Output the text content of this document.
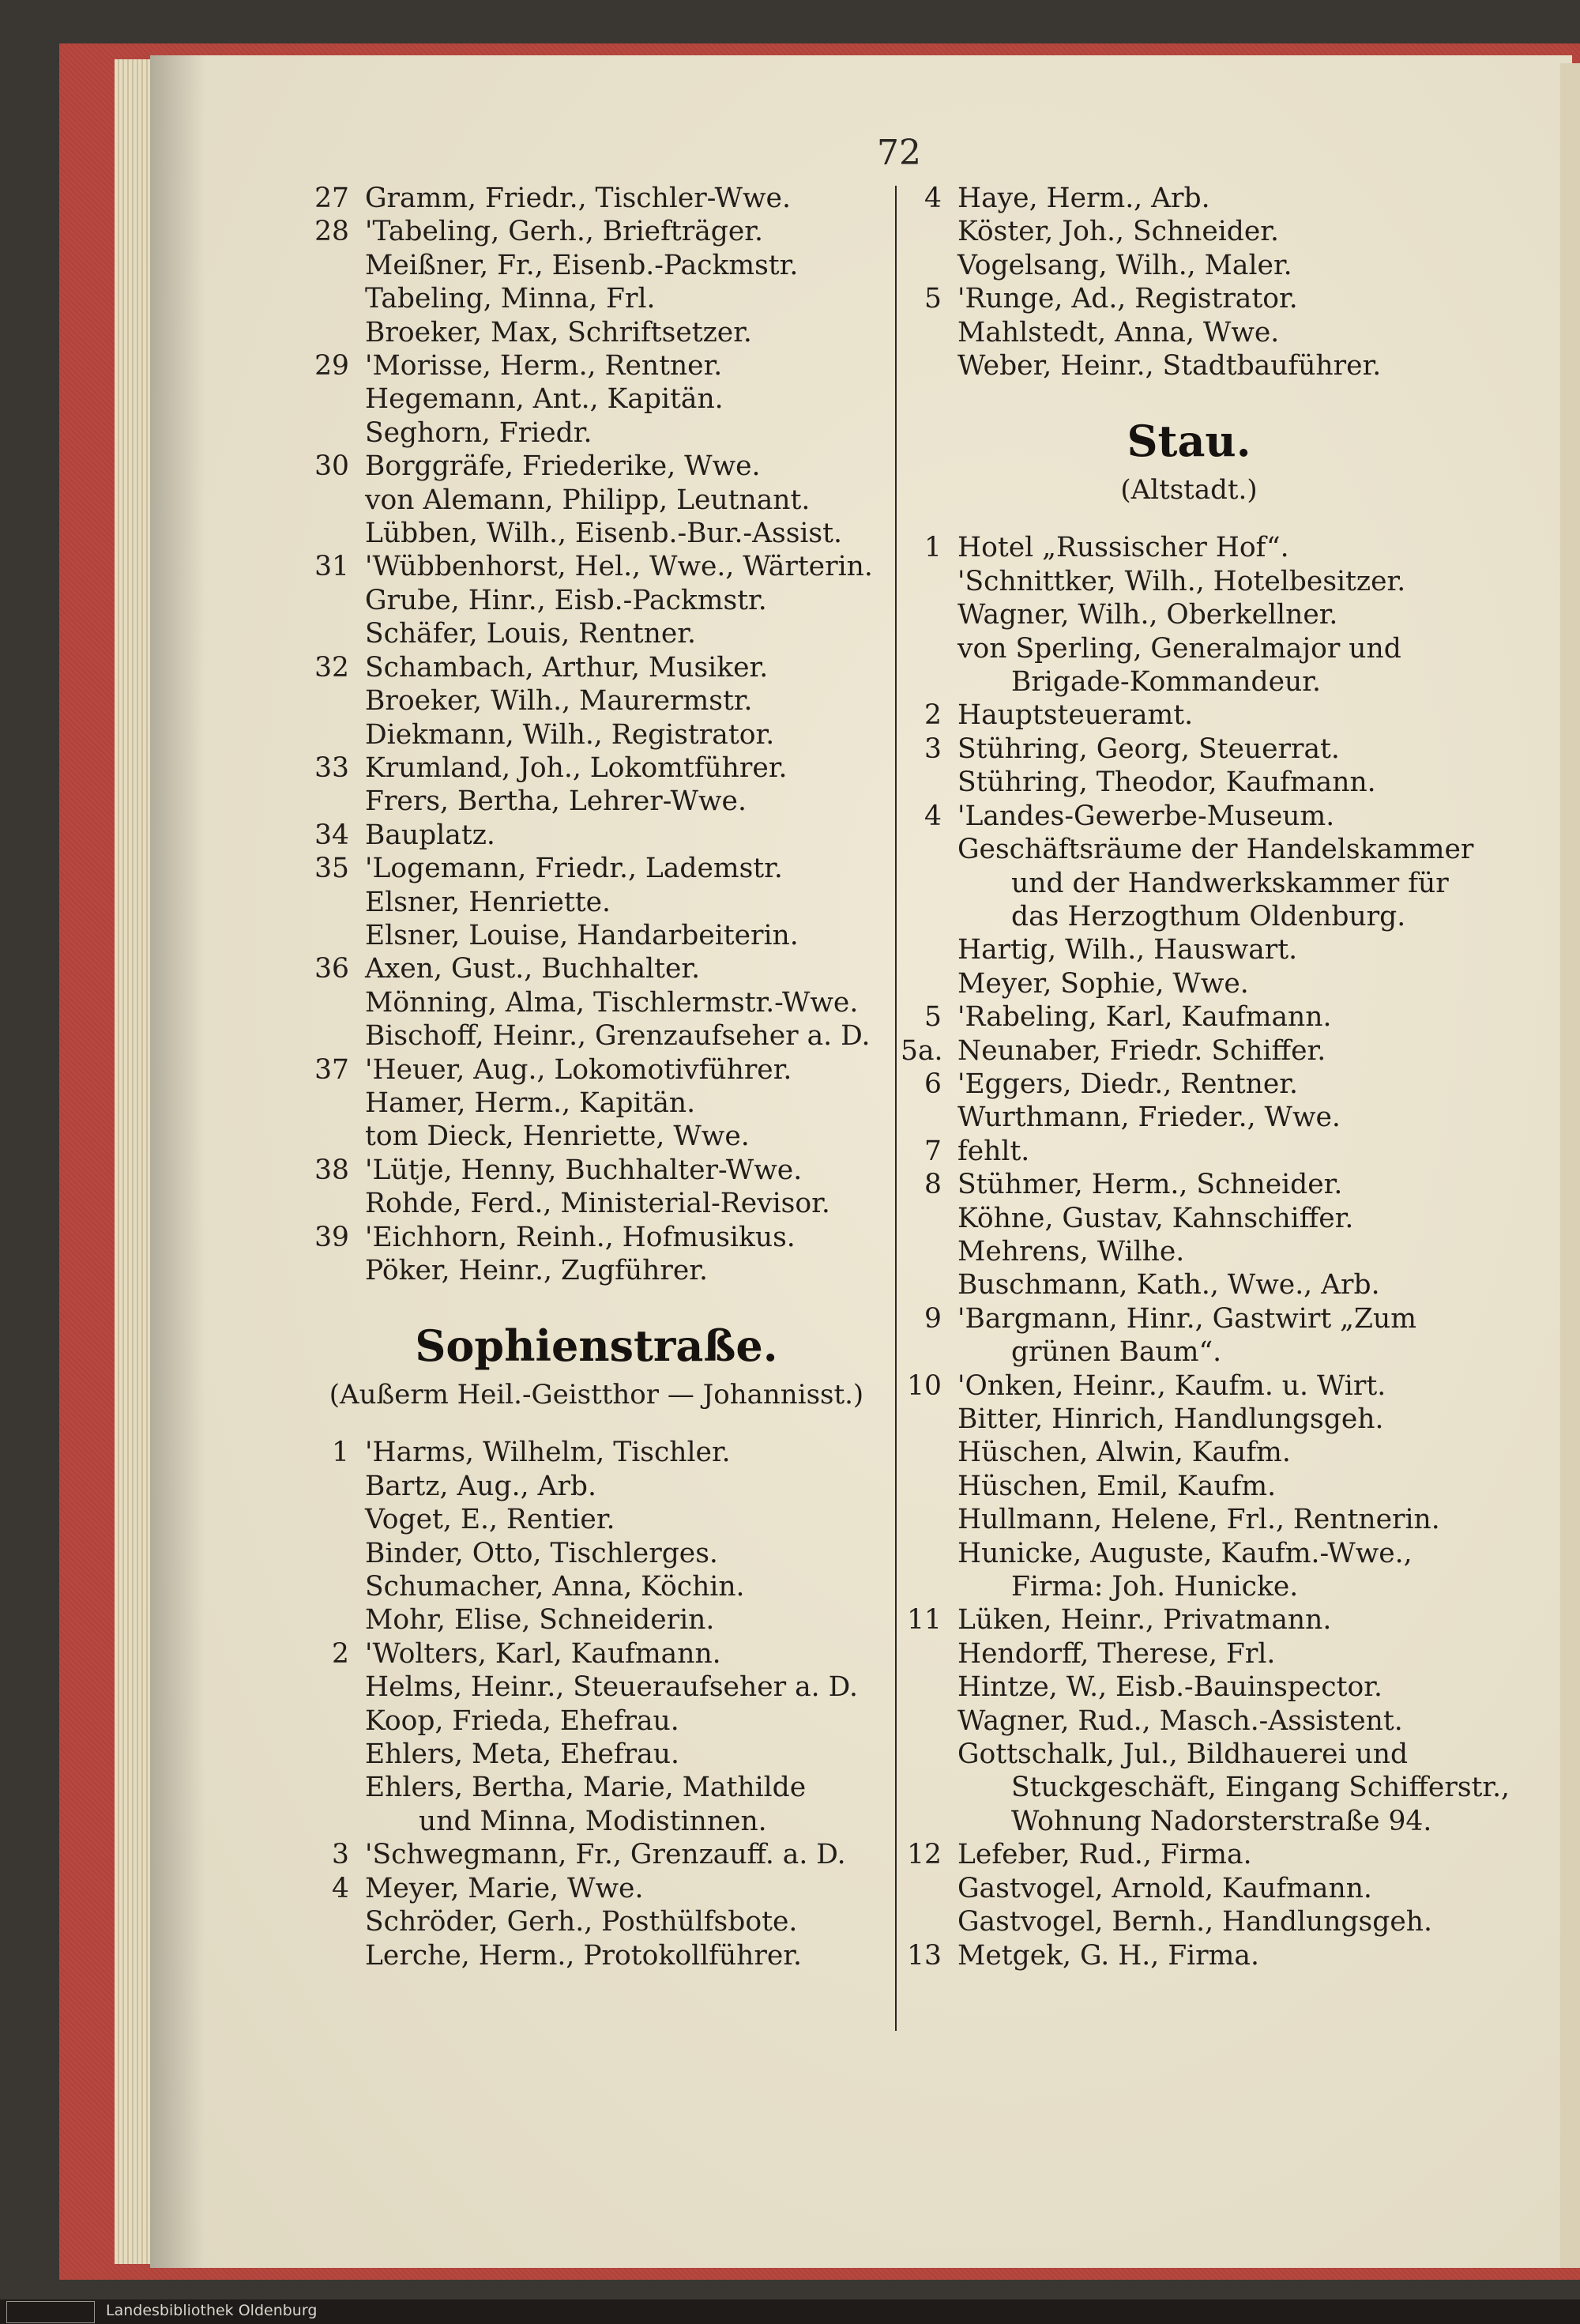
72
27 Gramm, Friedr., Tischler-Wwe.
28 'Tabeling, Gerh., Briefträger.
Meißner, Fr., Eisenb.-Packmstr.
Tabeling, Minna, Frl.
Broeker, Max, Schriftsetzer.
29 'Morisse, Herm., Rentner.
Hegemann, Ant., Kapitän.
Seghorn, Friedr.
30 Borggräfe, Friederike, Wwe.
von Alemann, Philipp, Leutnant.
Lübben, Wilh., Eisenb.-Bur.-Assist.
31 'Wübbenhorst, Hel., Wwe., Wärterin.
Grube, Hinr., Eisb.-Packmstr.
Schäfer, Louis, Rentner.
32 Schambach, Arthur, Musiker.
Broeker, Wilh., Maurermstr.
Diekmann, Wilh., Registrator.
33 Krumland, Joh., Lokomtführer.
Frers, Bertha, Lehrer-Wwe.
34 Bauplatz.
35 'Logemann, Friedr., Lademstr.
Elsner, Henriette.
Elsner, Louise, Handarbeiterin.
36 Axen, Gust., Buchhalter.
Mönning, Alma, Tischlermstr.-Wwe.
Bischoff, Heinr., Grenzaufseher a. D.
37 'Heuer, Aug., Lokomotivführer.
Hamer, Herm., Kapitän.
tom Dieck, Henriette, Wwe.
38 'Lütje, Henny, Buchhalter-Wwe.
Rohde, Ferd., Ministerial-Revisor.
39 'Eichhorn, Reinh., Hofmusikus.
Pöker, Heinr., Zugführer.
Sophienstraße.
(Außerm Heil.-Geistthor — Johannisst.)
1 'Harms, Wilhelm, Tischler.
Bartz, Aug., Arb.
Voget, E., Rentier.
Binder, Otto, Tischlerges.
Schumacher, Anna, Köchin.
Mohr, Elise, Schneiderin.
2 'Wolters, Karl, Kaufmann.
Helms, Heinr., Steueraufseher a. D.
Koop, Frieda, Ehefrau.
Ehlers, Meta, Ehefrau.
Ehlers, Bertha, Marie, Mathilde
und Minna, Modistinnen.
3 'Schwegmann, Fr., Grenzauff. a. D.
4 Meyer, Marie, Wwe.
Schröder, Gerh., Posthülfsbote.
Lerche, Herm., Protokollführer.
4 Haye, Herm., Arb.
Köster, Joh., Schneider.
Vogelsang, Wilh., Maler.
5 'Runge, Ad., Registrator.
Mahlstedt, Anna, Wwe.
Weber, Heinr., Stadtbauführer.
Stau.
(Altstadt.)
1 Hotel „Russischer Hof“.
'Schnittker, Wilh., Hotelbesitzer.
Wagner, Wilh., Oberkellner.
von Sperling, Generalmajor und
Brigade-Kommandeur.
2 Hauptsteueramt.
3 Stühring, Georg, Steuerrat.
Stühring, Theodor, Kaufmann.
4 'Landes-Gewerbe-Museum.
Geschäftsräume der Handelskammer
und der Handwerkskammer für
das Herzogthum Oldenburg.
Hartig, Wilh., Hauswart.
Meyer, Sophie, Wwe.
5 'Rabeling, Karl, Kaufmann.
5a. Neunaber, Friedr. Schiffer.
6 'Eggers, Diedr., Rentner.
Wurthmann, Frieder., Wwe.
7 fehlt.
8 Stühmer, Herm., Schneider.
Köhne, Gustav, Kahnschiffer.
Mehrens, Wilhe.
Buschmann, Kath., Wwe., Arb.
9 'Bargmann, Hinr., Gastwirt „Zum
grünen Baum“.
10 'Onken, Heinr., Kaufm. u. Wirt.
Bitter, Hinrich, Handlungsgeh.
Hüschen, Alwin, Kaufm.
Hüschen, Emil, Kaufm.
Hullmann, Helene, Frl., Rentnerin.
Hunicke, Auguste, Kaufm.-Wwe.,
Firma: Joh. Hunicke.
11 Lüken, Heinr., Privatmann.
Hendorff, Therese, Frl.
Hintze, W., Eisb.-Bauinspector.
Wagner, Rud., Masch.-Assistent.
Gottschalk, Jul., Bildhauerei und
Stuckgeschäft, Eingang Schifferstr.,
Wohnung Nadorsterstraße 94.
12 Lefeber, Rud., Firma.
Gastvogel, Arnold, Kaufmann.
Gastvogel, Bernh., Handlungsgeh.
13 Metgek, G. H., Firma.
Landesbibliothek Oldenburg
